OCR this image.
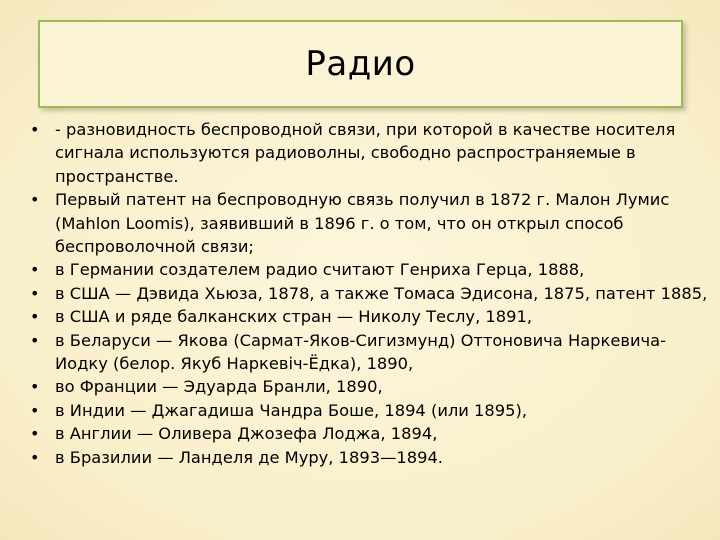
Радио
• - разновидность беспроводной связи, при которой в качестве носителя сигнала используются радиоволны, свободно распространяемые в пространстве.
• Первый патент на беспроводную связь получил в 1872 г. Малон Лумис (Mahlon Loomis), заявивший в 1896 г. о том, что он открыл способ беспроволочной связи;
• в Германии создателем радио считают Генриха Герца, 1888,
• в США — Дэвида Хьюза, 1878, а также Томаса Эдисона, 1875, патент 1885,
• в США и ряде балканских стран — Николу Теслу, 1891,
• в Беларуси — Якова (Сармат-Яков-Сигизмунд) Оттоновича Наркевича-Иодку (белор. Якуб Наркевіч-Ёдка), 1890,
• во Франции — Эдуарда Бранли, 1890,
• в Индии — Джагадиша Чандра Боше, 1894 (или 1895),
• в Англии — Оливера Джозефа Лоджа, 1894,
• в Бразилии — Ланделя де Муру, 1893—1894.
